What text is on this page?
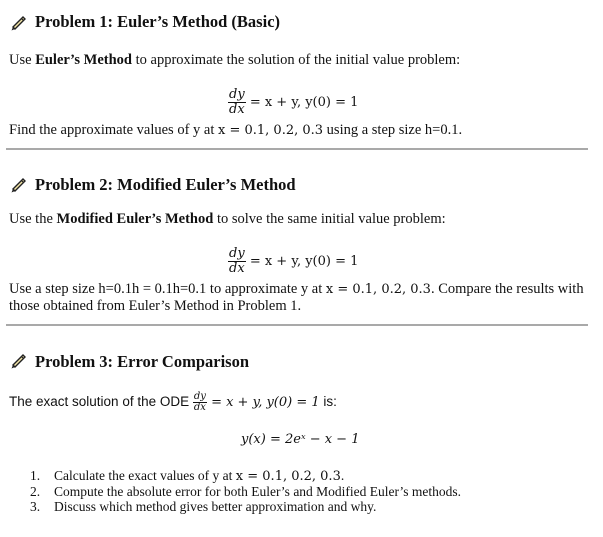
Problem 1: Euler’s Method (Basic)
Use Euler’s Method to approximate the solution of the initial value problem:
$\frac{dy}{dx} = x + y$, y(0) = 1
Find the approximate values of y at x = 0.1, 0.2, 0.3 using a step size h=0.1.
Problem 2: Modified Euler’s Method
Use the Modified Euler’s Method to solve the same initial value problem:
$\frac{dy}{dx} = x + y$, y(0) = 1
Use a step size h=0.1h = 0.1h=0.1 to approximate y at x = 0.1, 0.2, 0.3. Compare the results with
those obtained from Euler’s Method in Problem 1.
Problem 3: Error Comparison
The exact solution of the ODE $\frac{dy}{dx} = x + y$, y(0) = 1 is:
y(x) = 2eˣ − x − 1
1. Calculate the exact values of y at x = 0.1, 0.2, 0.3.
2. Compute the absolute error for both Euler’s and Modified Euler’s methods.
3. Discuss which method gives better approximation and why.
